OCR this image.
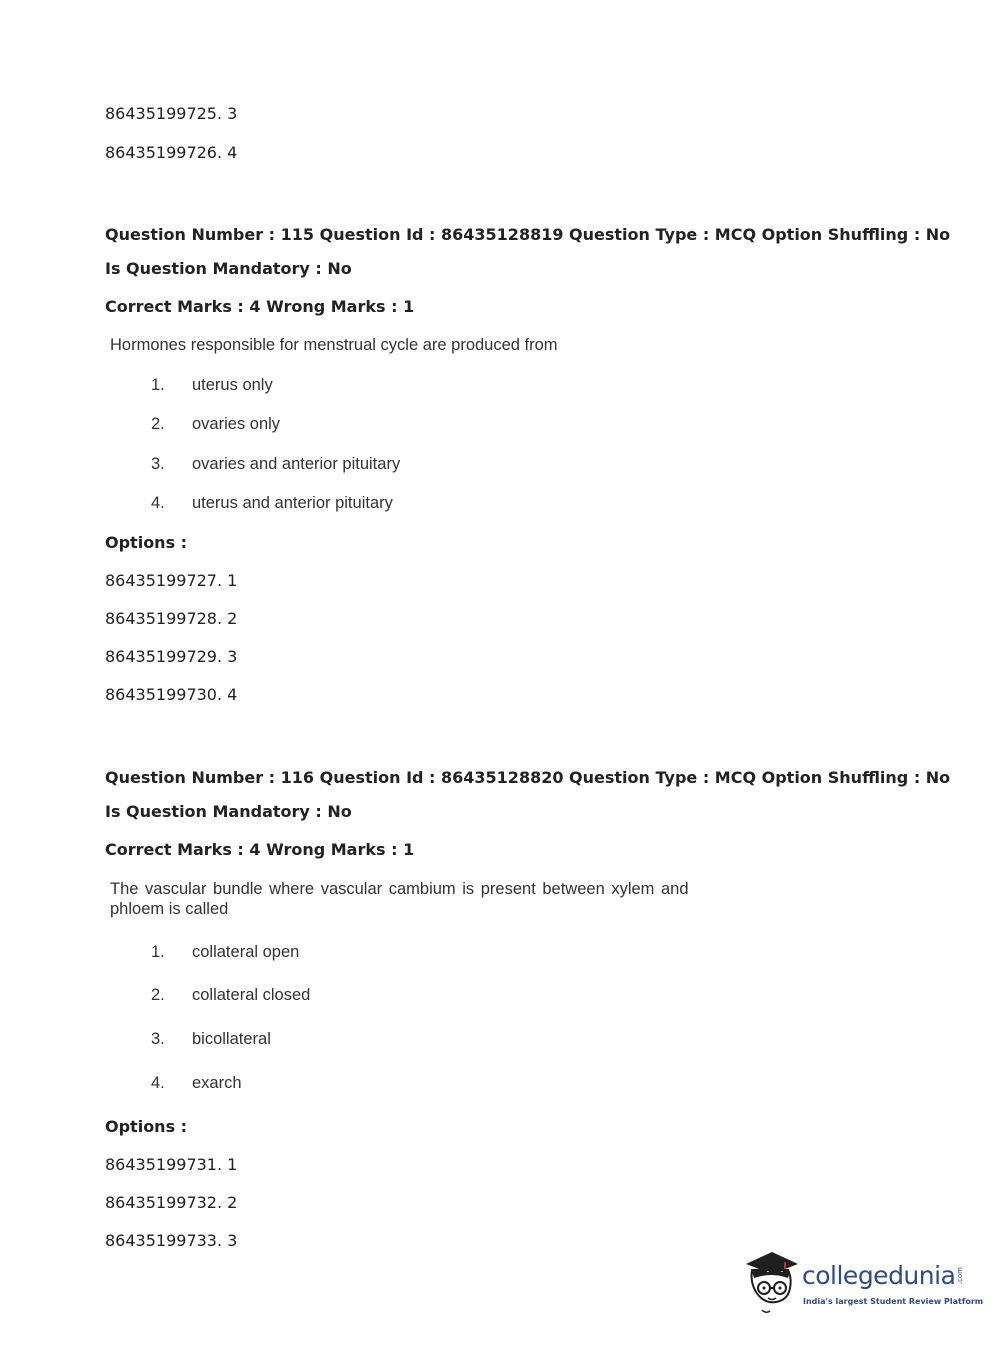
86435199725. 3
86435199726. 4
Question Number : 115 Question Id : 86435128819 Question Type : MCQ Option Shuffling : No
Is Question Mandatory : No
Correct Marks : 4 Wrong Marks : 1
Hormones responsible for menstrual cycle are produced from
1.	uterus only
2.	ovaries only
3.	ovaries and anterior pituitary
4.	uterus and anterior pituitary
Options :
86435199727. 1
86435199728. 2
86435199729. 3
86435199730. 4
Question Number : 116 Question Id : 86435128820 Question Type : MCQ Option Shuffling : No
Is Question Mandatory : No
Correct Marks : 4 Wrong Marks : 1
The vascular bundle where vascular cambium is present between xylem and
phloem is called
1.	collateral open
2.	collateral closed
3.	bicollateral
4.	exarch
Options :
86435199731. 1
86435199732. 2
86435199733. 3
collegedunia .com
India's largest Student Review Platform
